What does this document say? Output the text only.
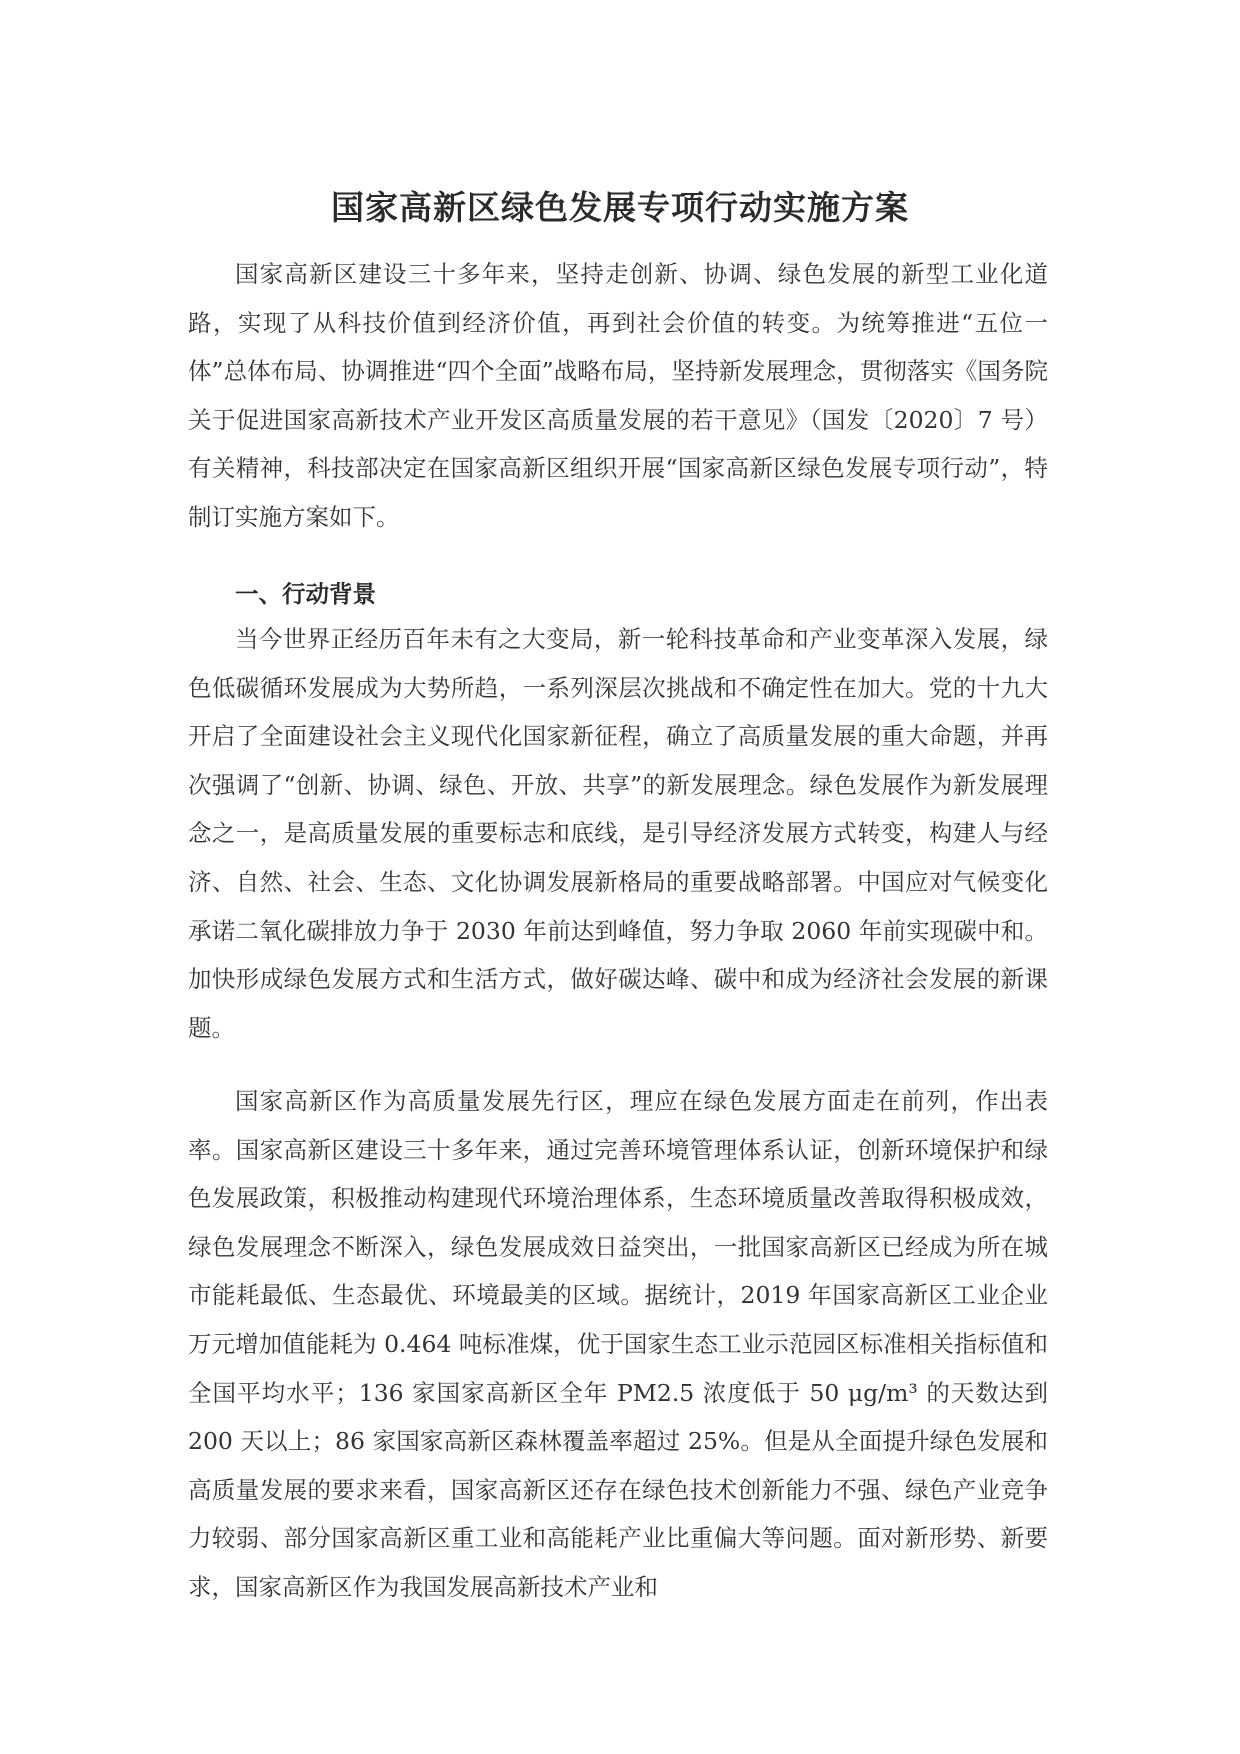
国家高新区绿色发展专项行动实施方案

国家高新区建设三十多年来，坚持走创新、协调、绿色发展的新型工业化道路，实现了从科技价值到经济价值，再到社会价值的转变。为统筹推进“五位一体”总体布局、协调推进“四个全面”战略布局，坚持新发展理念，贯彻落实《国务院关于促进国家高新技术产业开发区高质量发展的若干意见》（国发〔2020〕7 号）有关精神，科技部决定在国家高新区组织开展“国家高新区绿色发展专项行动”，特制订实施方案如下。

一、行动背景

当今世界正经历百年未有之大变局，新一轮科技革命和产业变革深入发展，绿色低碳循环发展成为大势所趋，一系列深层次挑战和不确定性在加大。党的十九大开启了全面建设社会主义现代化国家新征程，确立了高质量发展的重大命题，并再次强调了“创新、协调、绿色、开放、共享”的新发展理念。绿色发展作为新发展理念之一，是高质量发展的重要标志和底线，是引导经济发展方式转变，构建人与经济、自然、社会、生态、文化协调发展新格局的重要战略部署。中国应对气候变化承诺二氧化碳排放力争于 2030 年前达到峰值，努力争取 2060 年前实现碳中和。加快形成绿色发展方式和生活方式，做好碳达峰、碳中和成为经济社会发展的新课题。

国家高新区作为高质量发展先行区，理应在绿色发展方面走在前列，作出表率。国家高新区建设三十多年来，通过完善环境管理体系认证，创新环境保护和绿色发展政策，积极推动构建现代环境治理体系，生态环境质量改善取得积极成效，绿色发展理念不断深入，绿色发展成效日益突出，一批国家高新区已经成为所在城市能耗最低、生态最优、环境最美的区域。据统计，2019 年国家高新区工业企业万元增加值能耗为 0.464 吨标准煤，优于国家生态工业示范园区标准相关指标值和全国平均水平；136 家国家高新区全年 PM2.5 浓度低于 50 μg/m³ 的天数达到 200 天以上；86 家国家高新区森林覆盖率超过 25%。但是从全面提升绿色发展和高质量发展的要求来看，国家高新区还存在绿色技术创新能力不强、绿色产业竞争力较弱、部分国家高新区重工业和高能耗产业比重偏大等问题。面对新形势、新要求，国家高新区作为我国发展高新技术产业和
